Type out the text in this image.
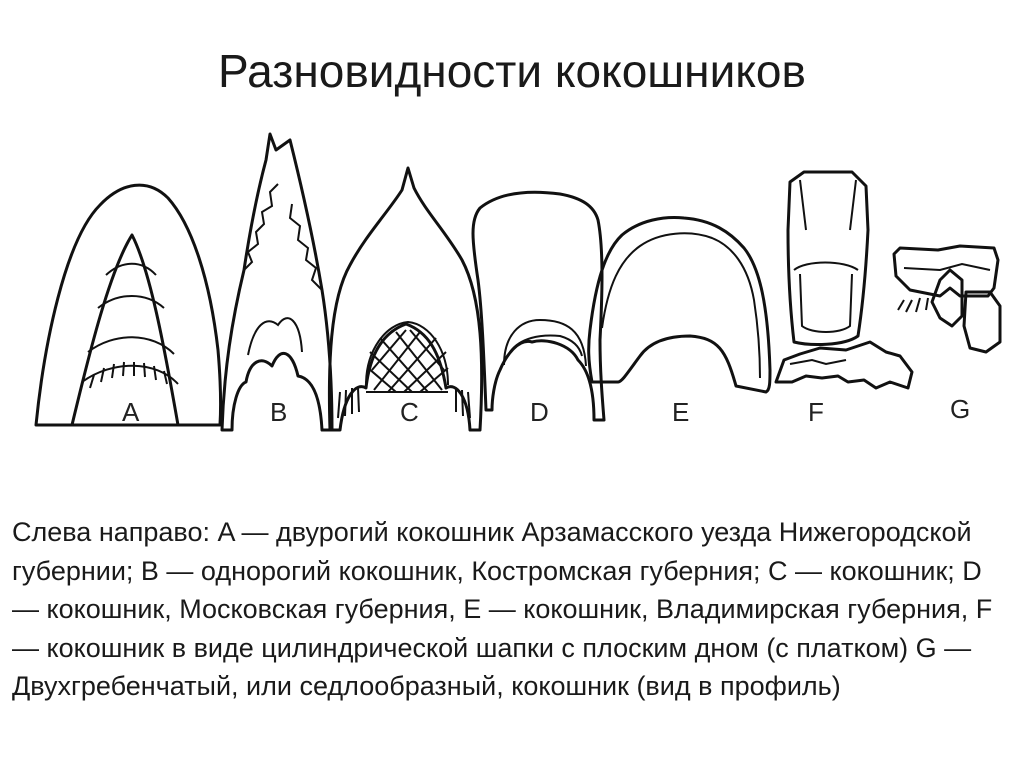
Разновидности кокошников
A	B	C	D	E	F	G
Слева направо: A — двурогий кокошник Арзамасского уезда Нижегородской губернии; B — однорогий кокошник, Костромская губерния; C — кокошник; D — кокошник, Московская губерния, E — кокошник, Владимирская губерния, F — кокошник в виде цилиндрической шапки с плоским дном (с платком) G — Двухгребенчатый, или седлообразный, кокошник (вид в профиль)
